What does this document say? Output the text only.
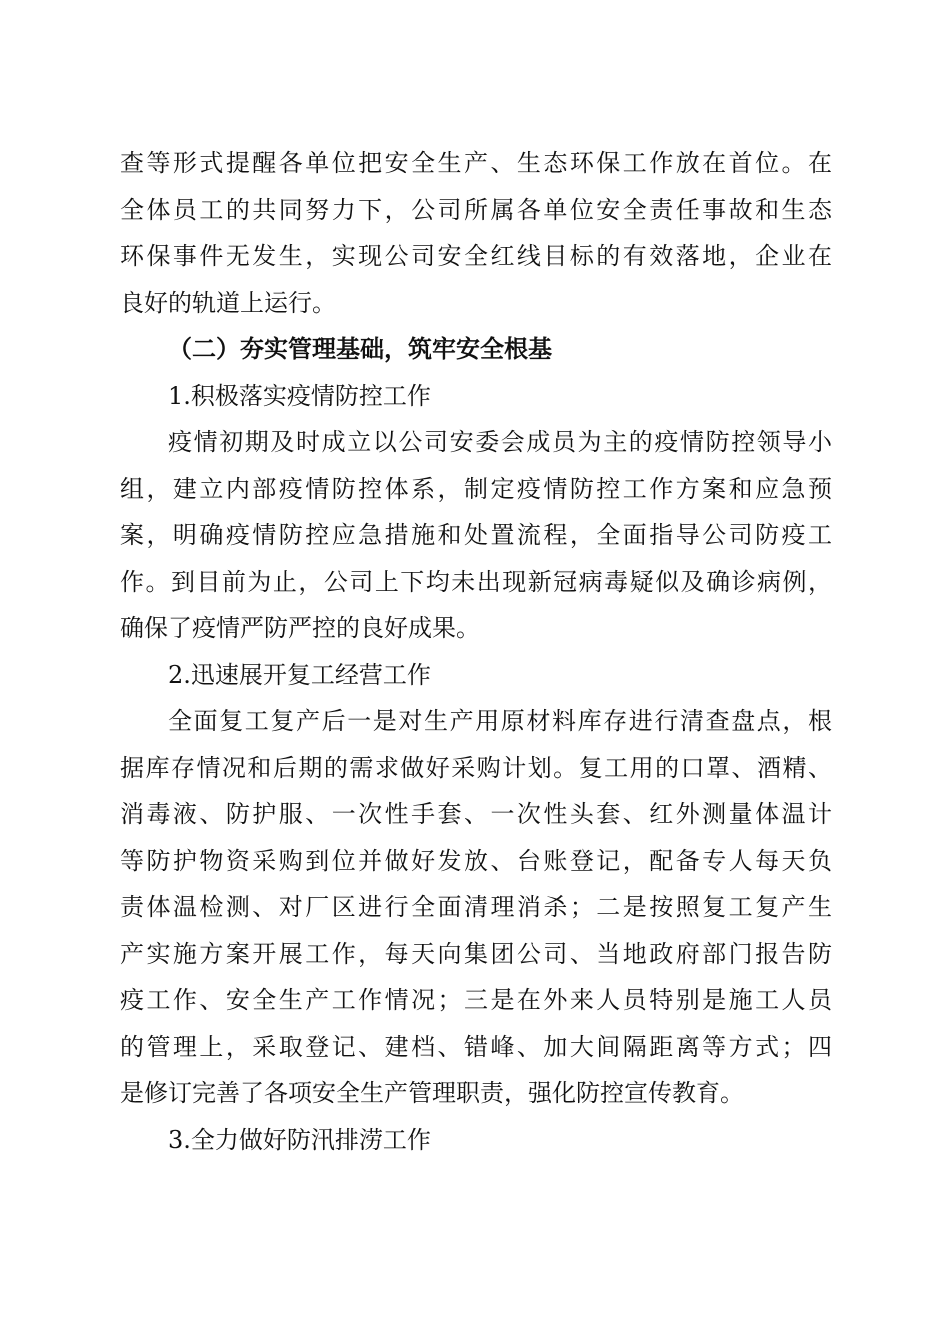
查等形式提醒各单位把安全生产、生态环保工作放在首位。在
全体员工的共同努力下，公司所属各单位安全责任事故和生态
环保事件无发生，实现公司安全红线目标的有效落地，企业在
良好的轨道上运行。
（二）夯实管理基础，筑牢安全根基
1.积极落实疫情防控工作
疫情初期及时成立以公司安委会成员为主的疫情防控领导小
组，建立内部疫情防控体系，制定疫情防控工作方案和应急预
案，明确疫情防控应急措施和处置流程，全面指导公司防疫工
作。到目前为止，公司上下均未出现新冠病毒疑似及确诊病例，
确保了疫情严防严控的良好成果。
2.迅速展开复工经营工作
全面复工复产后一是对生产用原材料库存进行清查盘点，根
据库存情况和后期的需求做好采购计划。复工用的口罩、酒精、
消毒液、防护服、一次性手套、一次性头套、红外测量体温计
等防护物资采购到位并做好发放、台账登记，配备专人每天负
责体温检测、对厂区进行全面清理消杀；二是按照复工复产生
产实施方案开展工作，每天向集团公司、当地政府部门报告防
疫工作、安全生产工作情况；三是在外来人员特别是施工人员
的管理上，采取登记、建档、错峰、加大间隔距离等方式；四
是修订完善了各项安全生产管理职责，强化防控宣传教育。
3.全力做好防汛排涝工作
